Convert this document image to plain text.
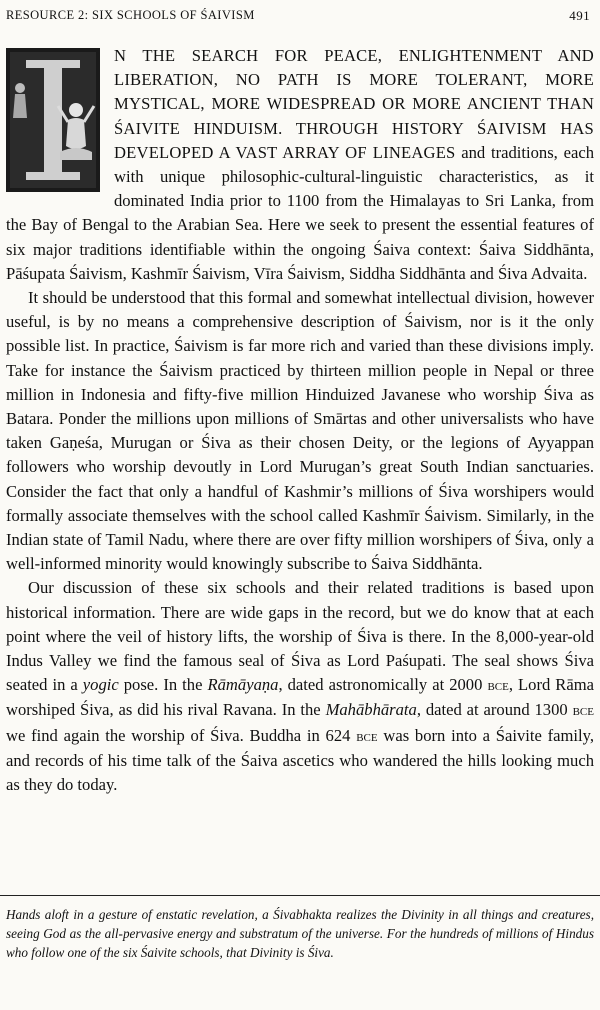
RESOURCE 2: SIX SCHOOLS OF ŚAIVISM	491

N THE SEARCH FOR PEACE, ENLIGHTENMENT AND LIBERATION, NO PATH IS MORE TOLERANT, MORE MYSTICAL, MORE WIDESPREAD OR MORE ANCIENT THAN ŚAIVITE HINDUISM. THROUGH HISTORY ŚAIVISM HAS DEVELOPED A VAST ARRAY OF LINEAGES and traditions, each with unique philosophic-cultural-linguistic characteristics, as it dominated India prior to 1100 from the Himalayas to Sri Lanka, from the Bay of Bengal to the Arabian Sea. Here we seek to present the essential features of six major traditions identifiable within the ongoing Śaiva context: Śaiva Siddhānta, Pāśupata Śaivism, Kashmīr Śaivism, Vīra Śaivism, Siddha Siddhānta and Śiva Advaita.

It should be understood that this formal and somewhat intellectual division, however useful, is by no means a comprehensive description of Śaivism, nor is it the only possible list. In practice, Śaivism is far more rich and varied than these divisions imply. Take for instance the Śaivism practiced by thirteen million people in Nepal or three million in Indonesia and fifty-five million Hinduized Javanese who worship Śiva as Batara. Ponder the millions upon millions of Smārtas and other universalists who have taken Gaṇeśa, Murugan or Śiva as their chosen Deity, or the legions of Ayyappan followers who worship devoutly in Lord Murugan’s great South Indian sanctuaries. Consider the fact that only a handful of Kashmir’s millions of Śiva worshipers would formally associate themselves with the school called Kashmīr Śaivism. Similarly, in the Indian state of Tamil Nadu, where there are over fifty million worshipers of Śiva, only a well-informed minority would knowingly subscribe to Śaiva Siddhānta.

Our discussion of these six schools and their related traditions is based upon historical information. There are wide gaps in the record, but we do know that at each point where the veil of history lifts, the worship of Śiva is there. In the 8,000-year-old Indus Valley we find the famous seal of Śiva as Lord Paśupati. The seal shows Śiva seated in a yogic pose. In the Rāmāyaṇa, dated astronomically at 2000 bce, Lord Rāma worshiped Śiva, as did his rival Ravana. In the Mahābhārata, dated at around 1300 bce we find again the worship of Śiva. Buddha in 624 bce was born into a Śaivite family, and records of his time talk of the Śaiva ascetics who wandered the hills looking much as they do today.

Hands aloft in a gesture of enstatic revelation, a Śivabhakta realizes the Divinity in all things and creatures, seeing God as the all-pervasive energy and substratum of the universe. For the hundreds of millions of Hindus who follow one of the six Śaivite schools, that Divinity is Śiva.
